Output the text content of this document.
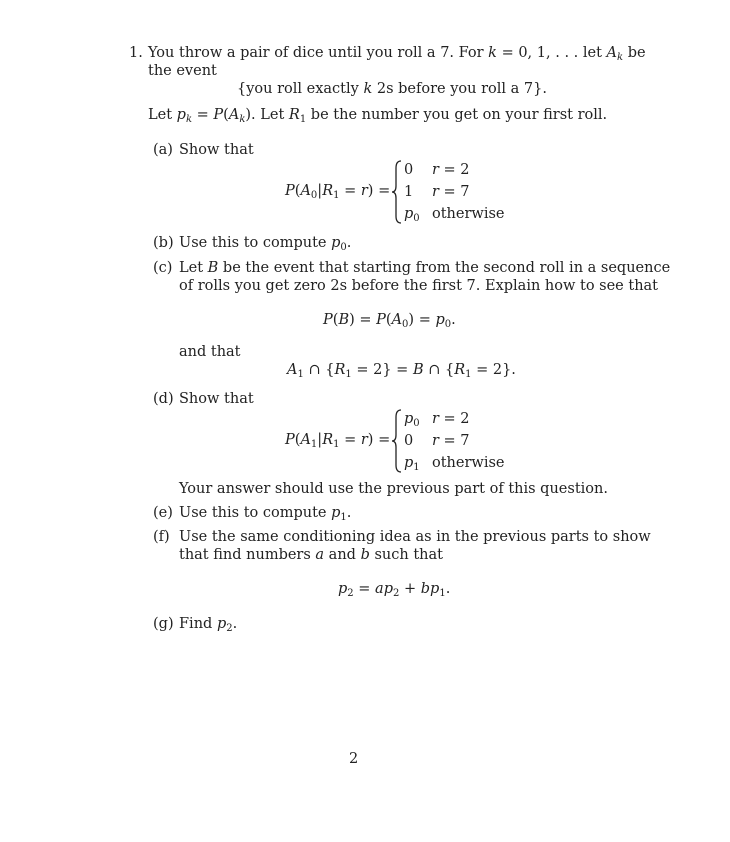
1. You throw a pair of dice until you roll a 7. For k = 0, 1, . . . let $A_k$ be
the event
{you roll exactly k 2s before you roll a 7}.
Let $p_k = P(A_k)$. Let $R_1$ be the number you get on your first roll.
(a) Show that
$P(A_0|R_1 = r)$ =
0 r = 2
1 r = 7
$p_0$ otherwise
(b) Use this to compute $p_0$.
(c) Let B be the event that starting from the second roll in a sequence
of rolls you get zero 2s before the first 7. Explain how to see that
$P(B) = P(A_0) = p_0$.
and that
$A_1$ ∩ $\{R_1 = 2\} = B$ ∩ $\{R_1 = 2\}$.
(d) Show that
$P(A_1|R_1 = r)$ =
$p_0$ r = 2
0 r = 7
$p_1$ otherwise
Your answer should use the previous part of this question.
(e) Use this to compute $p_1$.
(f) Use the same conditioning idea as in the previous parts to show
that find numbers a and b such that
$p_2 = ap_2 + bp_1$.
(g) Find $p_2$.
2
